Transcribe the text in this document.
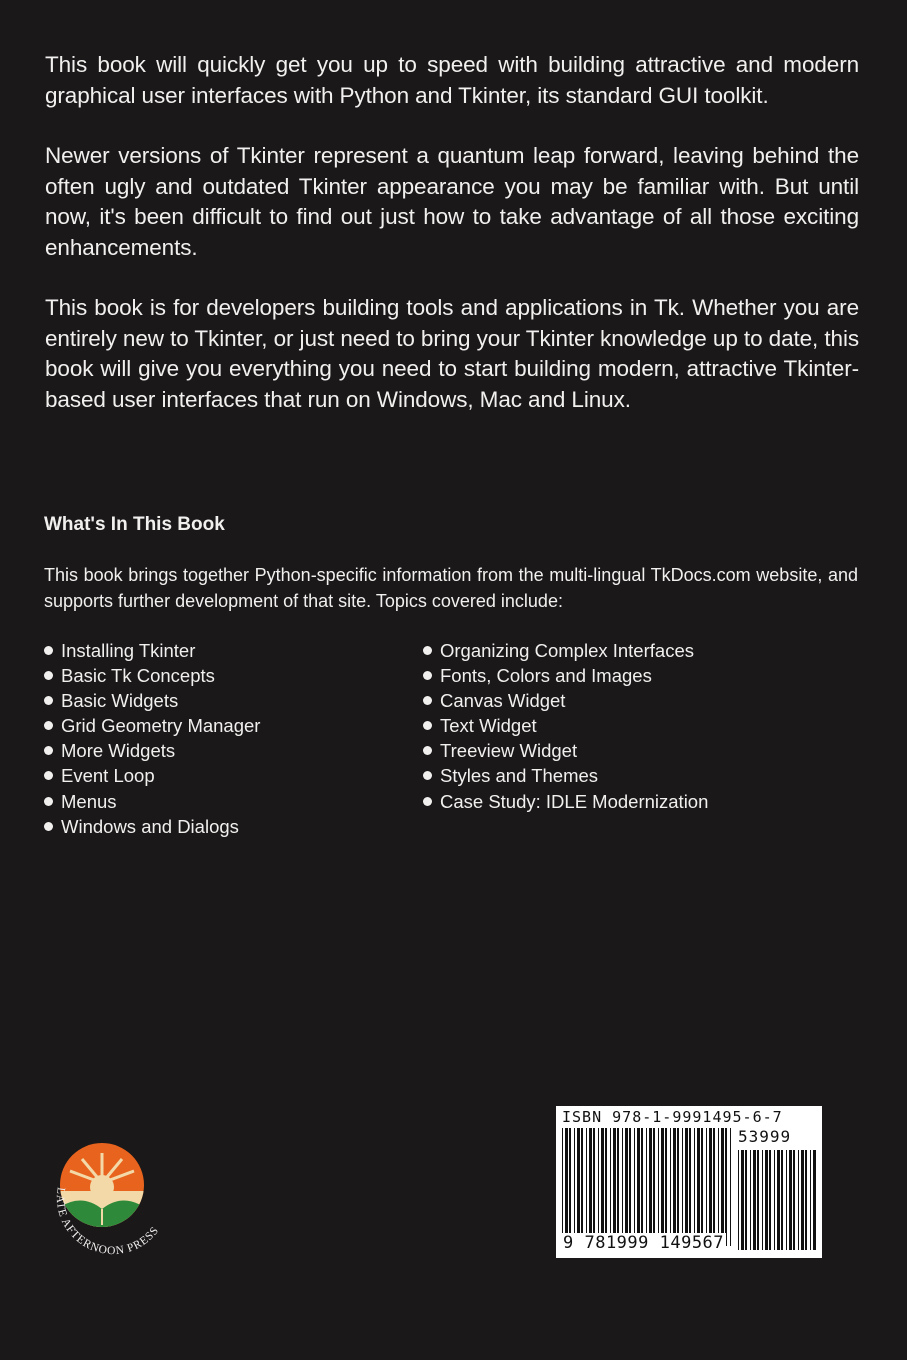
This book will quickly get you up to speed with building attractive and modern graphical user interfaces with Python and Tkinter, its standard GUI toolkit.

Newer versions of Tkinter represent a quantum leap forward, leaving behind the often ugly and outdated Tkinter appearance you may be familiar with. But until now, it's been difficult to find out just how to take advantage of all those exciting enhancements.

This book is for developers building tools and applications in Tk. Whether you are entirely new to Tkinter, or just need to bring your Tkinter knowledge up to date, this book will give you everything you need to start building modern, attractive Tkinter-based user interfaces that run on Windows, Mac and Linux.

What's In This Book

This book brings together Python-specific information from the multi-lingual TkDocs.com website, and supports further development of that site. Topics covered include:

Installing Tkinter
Basic Tk Concepts
Basic Widgets
Grid Geometry Manager
More Widgets
Event Loop
Menus
Windows and Dialogs
Organizing Complex Interfaces
Fonts, Colors and Images
Canvas Widget
Text Widget
Treeview Widget
Styles and Themes
Case Study: IDLE Modernization
LATE AFTERNOON PRESS
ISBN 978-1-9991495-6-7
53999
9 781999 149567
